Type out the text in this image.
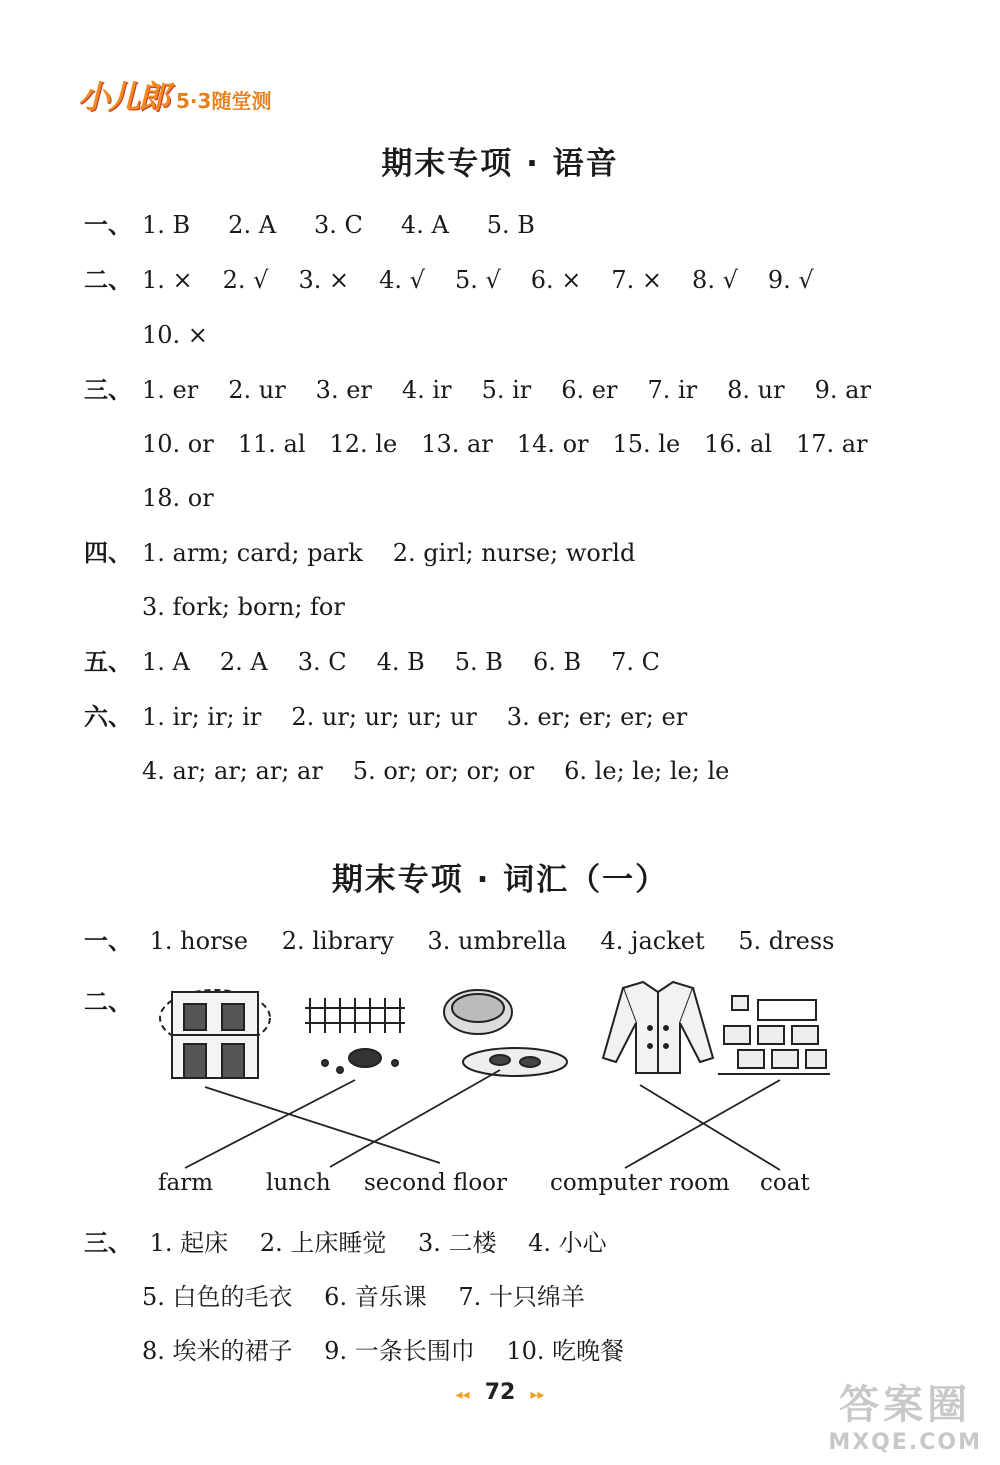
小儿郎 5·3随堂测
期末专项 · 语音
一、 1. B 2. A 3. C 4. A 5. B
二、 1. × 2. √ 3. × 4. √ 5. √ 6. × 7. × 8. √ 9. √
10. ×
三、 1. er 2. ur 3. er 4. ir 5. ir 6. er 7. ir 8. ur 9. ar
10. or 11. al 12. le 13. ar 14. or 15. le 16. al 17. ar
18. or
四、 1. arm; card; park 2. girl; nurse; world
3. fork; born; for
五、 1. A 2. A 3. C 4. B 5. B 6. B 7. C
六、 1. ir; ir; ir 2. ur; ur; ur; ur 3. er; er; er; er
4. ar; ar; ar; ar 5. or; or; or; or 6. le; le; le; le
期末专项 · 词汇（一）
一、 1. horse 2. library 3. umbrella 4. jacket 5. dress
二、
farm lunch second floor computer room coat
三、 1. 起床 2. 上床睡觉 3. 二楼 4. 小心
5. 白色的毛衣 6. 音乐课 7. 十只绵羊
8. 埃米的裙子 9. 一条长围巾 10. 吃晚餐
◂◂ 72 ▸▸	答案圈
MXQE.COM
